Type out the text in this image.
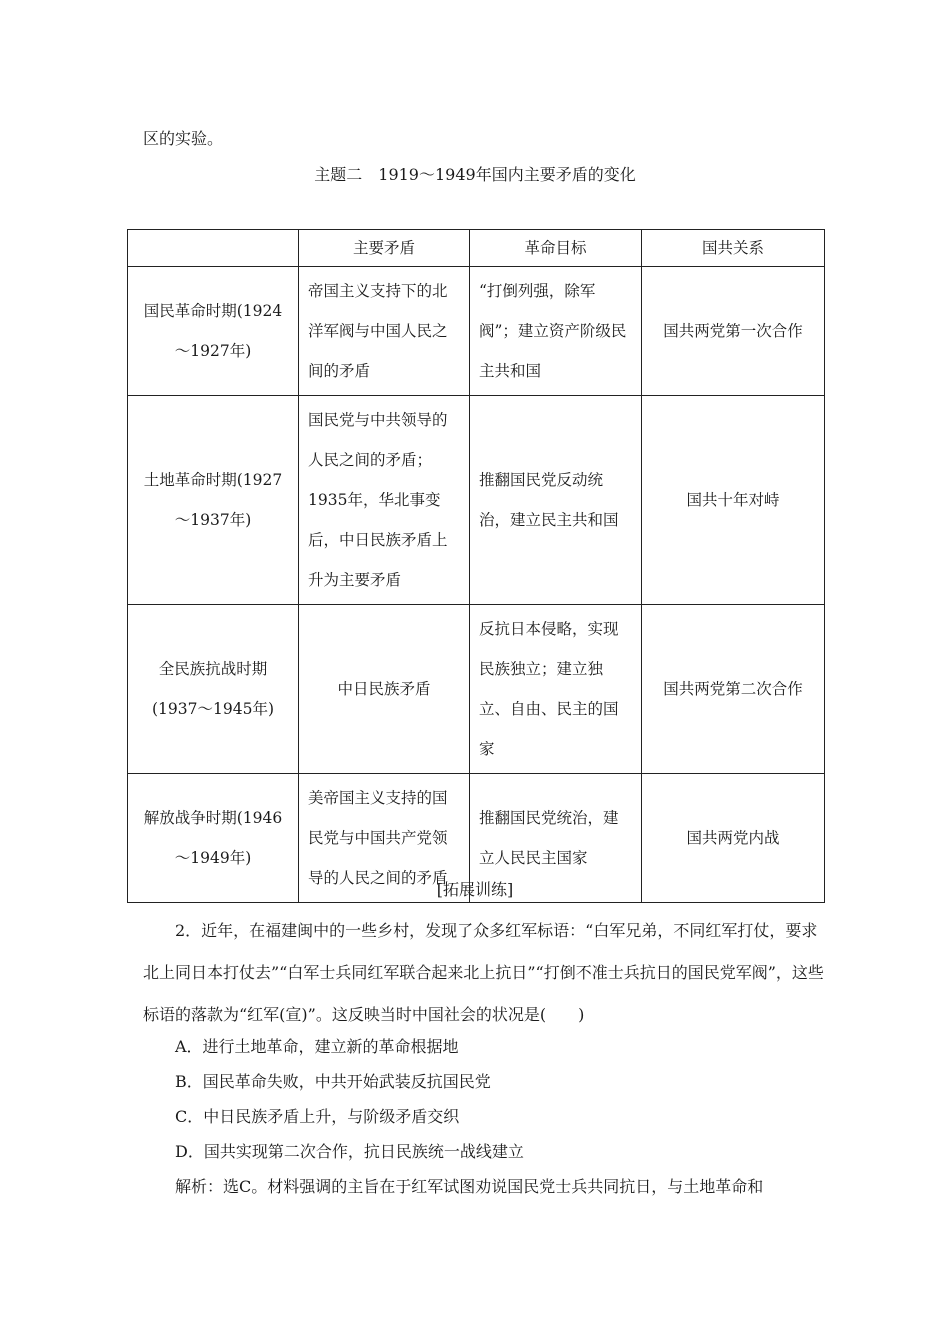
区的实验。
主题二　1919～1949年国内主要矛盾的变化
	主要矛盾	革命目标	国共关系
国民革命时期(1924～1927年)	帝国主义支持下的北洋军阀与中国人民之间的矛盾	“打倒列强，除军阀”；建立资产阶级民主共和国	国共两党第一次合作
土地革命时期(1927～1937年)	国民党与中共领导的人民之间的矛盾；1935年，华北事变后，中日民族矛盾上升为主要矛盾	推翻国民党反动统治，建立民主共和国	国共十年对峙
全民族抗战时期(1937～1945年)	中日民族矛盾	反抗日本侵略，实现民族独立；建立独立、自由、民主的国家	国共两党第二次合作
解放战争时期(1946～1949年)	美帝国主义支持的国民党与中国共产党领导的人民之间的矛盾	推翻国民党统治，建立人民民主国家	国共两党内战
[拓展训练]
2．近年，在福建闽中的一些乡村，发现了众多红军标语：“白军兄弟，不同红军打仗，要求北上同日本打仗去”“白军士兵同红军联合起来北上抗日”“打倒不准士兵抗日的国民党军阀”，这些标语的落款为“红军(宣)”。这反映当时中国社会的状况是(　　)
A．进行土地革命，建立新的革命根据地
B．国民革命失败，中共开始武装反抗国民党
C．中日民族矛盾上升，与阶级矛盾交织
D．国共实现第二次合作，抗日民族统一战线建立
解析：选C。材料强调的主旨在于红军试图劝说国民党士兵共同抗日，与土地革命和
